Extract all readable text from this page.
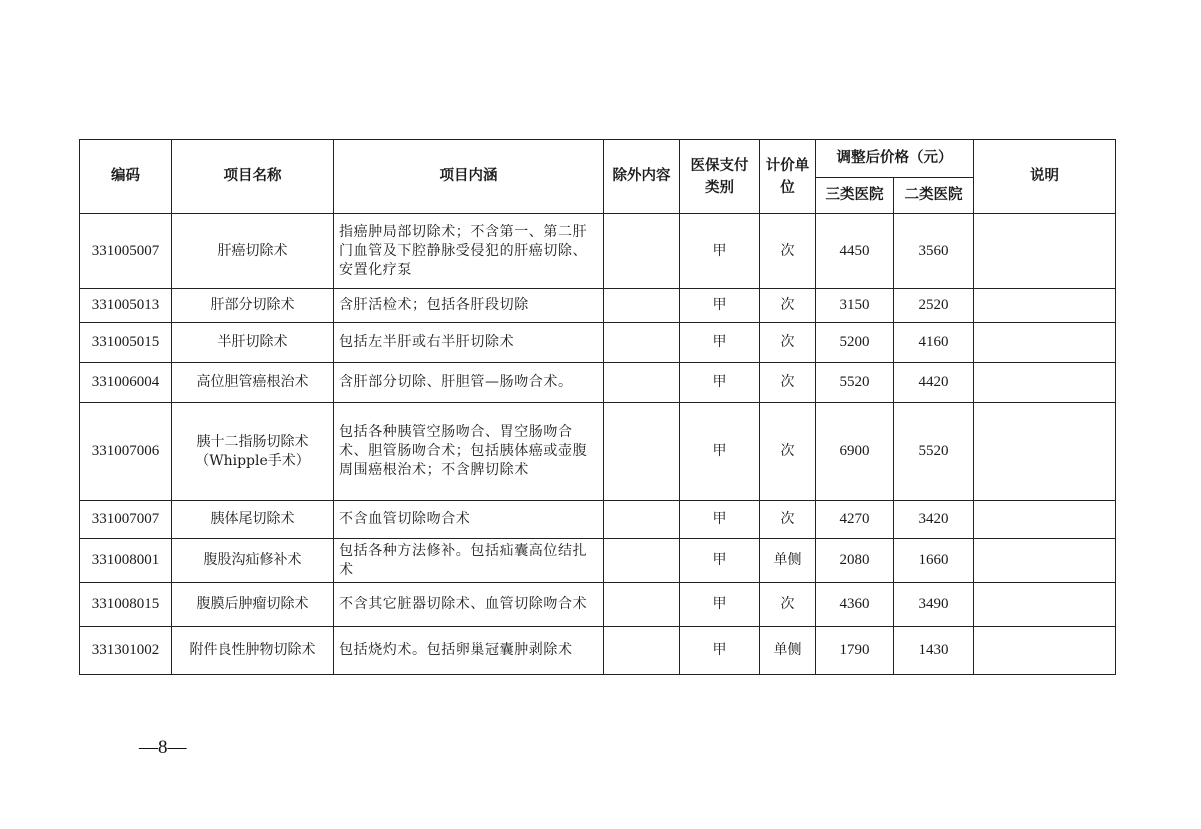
编码	项目名称	项目内涵	除外内容	医保支付类别	计价单位	调整后价格（元）		说明
						三类医院	二类医院	
331005007	肝癌切除术	指癌肿局部切除术；不含第一、第二肝门血管及下腔静脉受侵犯的肝癌切除、安置化疗泵		甲	次	4450	3560	
331005013	肝部分切除术	含肝活检术；包括各肝段切除		甲	次	3150	2520	
331005015	半肝切除术	包括左半肝或右半肝切除术		甲	次	5200	4160	
331006004	高位胆管癌根治术	含肝部分切除、肝胆管—肠吻合术。		甲	次	5520	4420	
331007006	胰十二指肠切除术（Whipple手术）	包括各种胰管空肠吻合、胃空肠吻合术、胆管肠吻合术；包括胰体癌或壶腹周围癌根治术；不含脾切除术		甲	次	6900	5520	
331007007	胰体尾切除术	不含血管切除吻合术		甲	次	4270	3420	
331008001	腹股沟疝修补术	包括各种方法修补。包括疝囊高位结扎术		甲	单侧	2080	1660	
331008015	腹膜后肿瘤切除术	不含其它脏器切除术、血管切除吻合术		甲	次	4360	3490	
331301002	附件良性肿物切除术	包括烧灼术。包括卵巢冠囊肿剥除术		甲	单侧	1790	1430	
—8—
